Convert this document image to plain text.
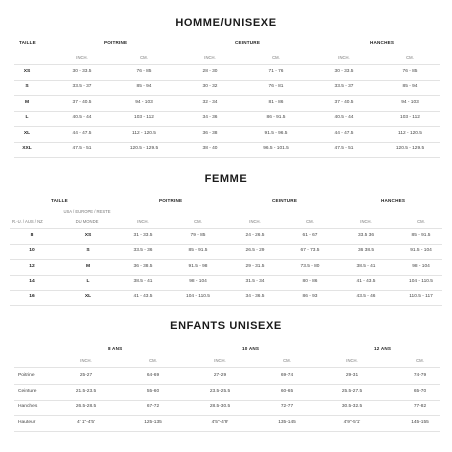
HOMME/UNISEXE
TAILLE	POITRINE	CEINTURE	HANCHES
INCH.	CM.	INCH.	CM.	INCH.	CM.
XS	30 - 33.5	76 - 85	28 - 30	71 - 76	30 - 33.5	76 - 85
S	33.5 - 37	85 - 94	30 - 32	76 - 81	33.5 - 37	85 - 94
M	37 - 40.5	94 - 103	32 - 34	81 - 86	37 - 40.5	94 - 103
L	40.5 - 44	103 - 112	34 - 36	86 - 91.5	40.5 - 44	103 - 112
XL	44 - 47.5	112 - 120.5	36 - 38	91.5 - 96.5	44 - 47.5	112 - 120.5
XXL	47.5 - 51	120.5 - 129.5	38 - 40	96.5 - 101.5	47.5 - 51	120.5 - 129.5
FEMME
TAILLE	POITRINE	CEINTURE	HANCHES
USA / EUROPE / RESTE
R.-U. / AUS / NZ	DU MONDE	INCH.	CM.	INCH.	CM.	INCH.	CM.
8	XS	31 - 33.5	79 - 85	24 - 26.5	61 - 67	33.5 36	85 - 91.5
10	S	33.5 - 36	85 - 91.5	26.5 - 29	67 - 73.5	36 38.5	91.5 - 104
12	M	36 - 38.5	91.5 - 98	29 - 31.5	73.5 - 80	38.5 - 41	98 - 104
14	L	38.5 - 41	98 - 104	31.5 - 34	80 - 86	41 - 43.5	104 - 110.5
16	XL	41 - 43.5	104 - 110.5	34 - 36.5	86 - 93	43.5 - 46	110.5 - 117
ENFANTS UNISEXE
8 ANS	10 ANS	12 ANS
INCH.	CM.	INCH.	CM.	INCH.	CM.
Poitrine	25-27	64-69	27-29	69-74	29-31	74-79
Ceinture	21.5-23.5	55-60	23.5-25.5	60-65	25.5-27.5	65-70
Hanches	26.5-28.5	67-72	28.5-30.5	72-77	30.5-32.5	77-82
Hauteur	4' 1"-4'5'	125-135	4'5"-4'9'	135-145	4'9"-5'1'	145-155
